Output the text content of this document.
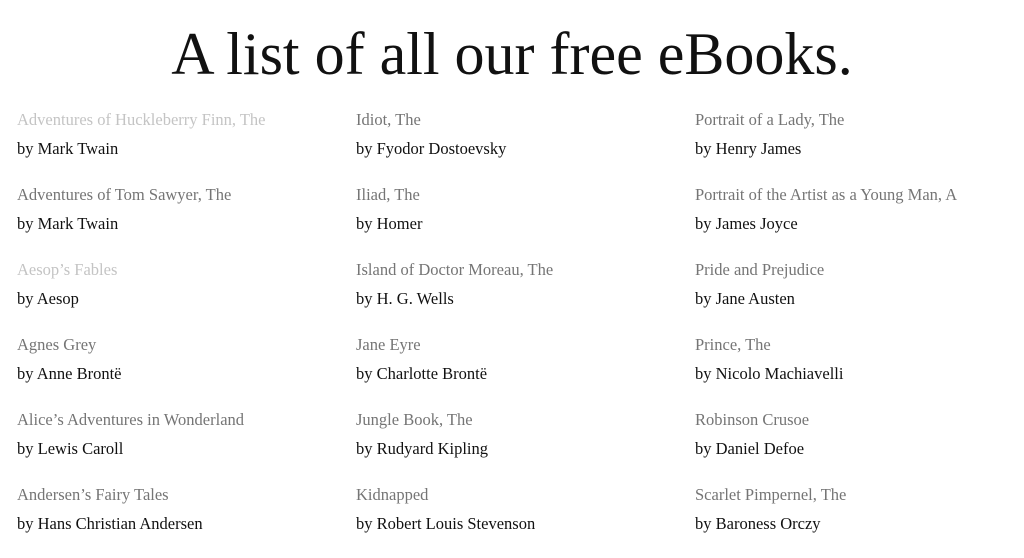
A list of all our free eBooks.
Adventures of Huckleberry Finn, The
by Mark Twain
Adventures of Tom Sawyer, The
by Mark Twain
Aesop’s Fables
by Aesop
Agnes Grey
by Anne Brontë
Alice’s Adventures in Wonderland
by Lewis Caroll
Andersen’s Fairy Tales
by Hans Christian Andersen
Idiot, The
by Fyodor Dostoevsky
Iliad, The
by Homer
Island of Doctor Moreau, The
by H. G. Wells
Jane Eyre
by Charlotte Brontë
Jungle Book, The
by Rudyard Kipling
Kidnapped
by Robert Louis Stevenson
Portrait of a Lady, The
by Henry James
Portrait of the Artist as a Young Man, A
by James Joyce
Pride and Prejudice
by Jane Austen
Prince, The
by Nicolo Machiavelli
Robinson Crusoe
by Daniel Defoe
Scarlet Pimpernel, The
by Baroness Orczy
